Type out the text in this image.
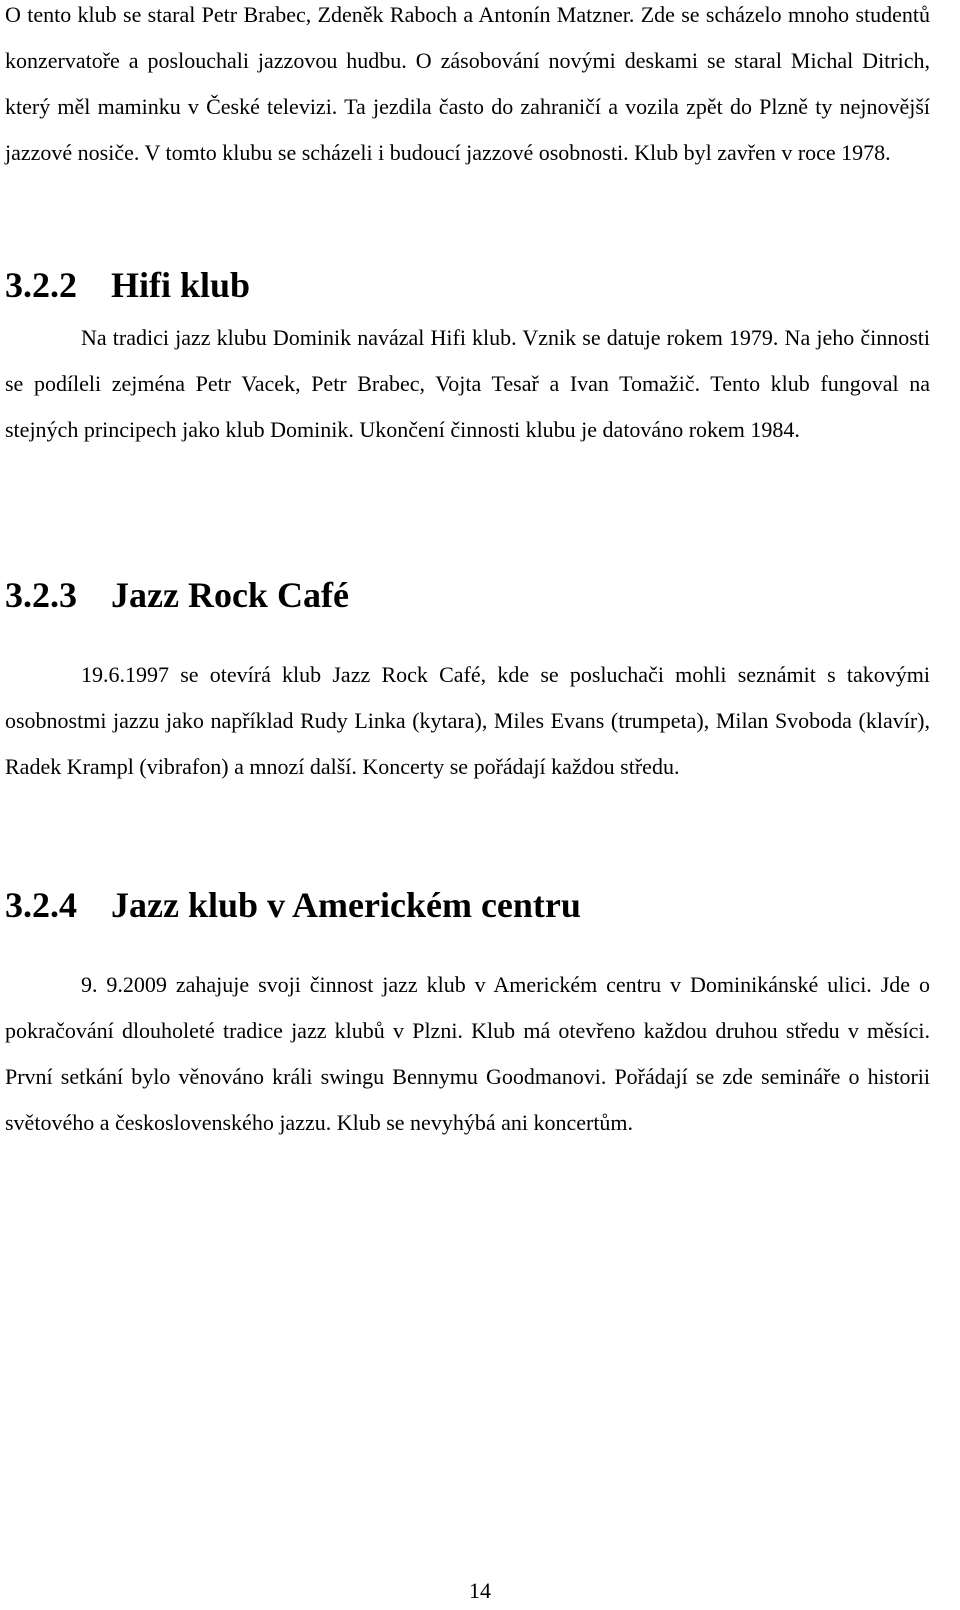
O tento klub se staral Petr Brabec, Zdeněk Raboch a Antonín Matzner. Zde se scházelo mnoho studentů konzervatoře a poslouchali jazzovou hudbu. O zásobování novými deskami se staral Michal Ditrich, který měl maminku v České televizi. Ta jezdila často do zahraničí a vozila zpět do Plzně ty nejnovější jazzové nosiče. V tomto klubu se scházeli i budoucí jazzové osobnosti. Klub byl zavřen v roce 1978.

3.2.2 Hifi klub

Na tradici jazz klubu Dominik navázal Hifi klub. Vznik se datuje rokem 1979. Na jeho činnosti se podíleli zejména Petr Vacek, Petr Brabec, Vojta Tesař a Ivan Tomažič. Tento klub fungoval na stejných principech jako klub Dominik. Ukončení činnosti klubu je datováno rokem 1984.

3.2.3 Jazz Rock Café

19.6.1997 se otevírá klub Jazz Rock Café, kde se posluchači mohli seznámit s takovými osobnostmi jazzu jako například Rudy Linka (kytara), Miles Evans (trumpeta), Milan Svoboda (klavír), Radek Krampl (vibrafon) a mnozí další. Koncerty se pořádají každou středu.

3.2.4 Jazz klub v Americkém centru

9. 9.2009 zahajuje svoji činnost jazz klub v Americkém centru v Dominikánské ulici. Jde o pokračování dlouholeté tradice jazz klubů v Plzni. Klub má otevřeno každou druhou středu v měsíci. První setkání bylo věnováno králi swingu Bennymu Goodmanovi. Pořádají se zde semináře o historii světového a československého jazzu. Klub se nevyhýbá ani koncertům.

14
